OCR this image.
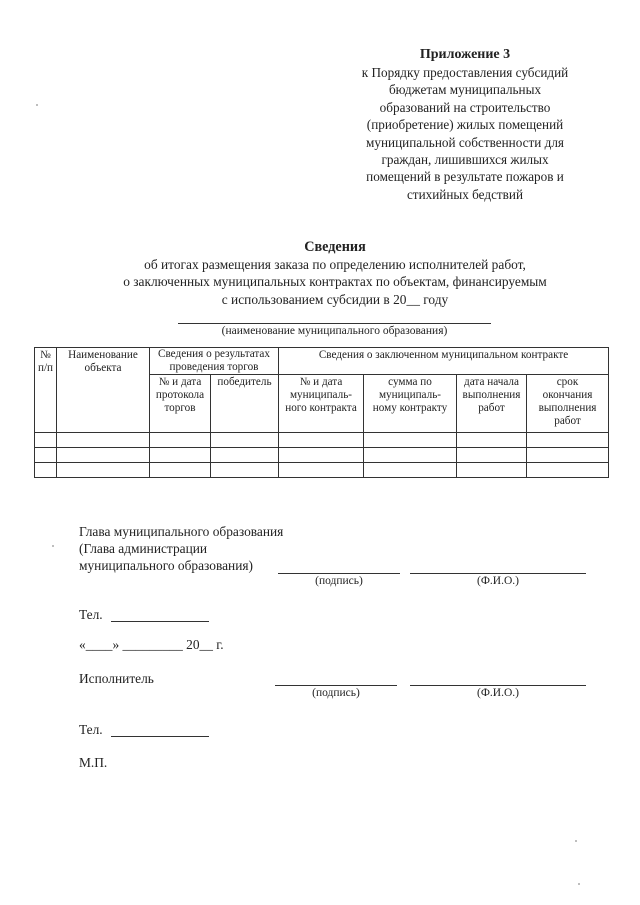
Приложение 3
к Порядку предоставления субсидий
бюджетам муниципальных
образований на строительство
(приобретение) жилых помещений
муниципальной собственности для
граждан, лишившихся жилых
помещений в результате пожаров и
стихийных бедствий
Сведения
об итогах размещения заказа по определению исполнителей работ,
о заключенных муниципальных контрактах по объектам, финансируемым
с использованием субсидии в 20__ году
(наименование муниципального образования)
№ п/п	Наименование объекта	Сведения о результатах проведения торгов		Сведения о заключенном муниципальном контракте			
		№ и дата протокола торгов	победитель	№ и дата муниципаль-ного контракта	сумма по муниципаль-ному контракту	дата начала выполнения работ	срок окончания выполнения работ

Глава муниципального образования
(Глава администрации
муниципального образования)
(подпись)	(Ф.И.О.)
Тел.
«____» _________ 20__ г.
Исполнитель
(подпись)	(Ф.И.О.)
Тел.
М.П.
